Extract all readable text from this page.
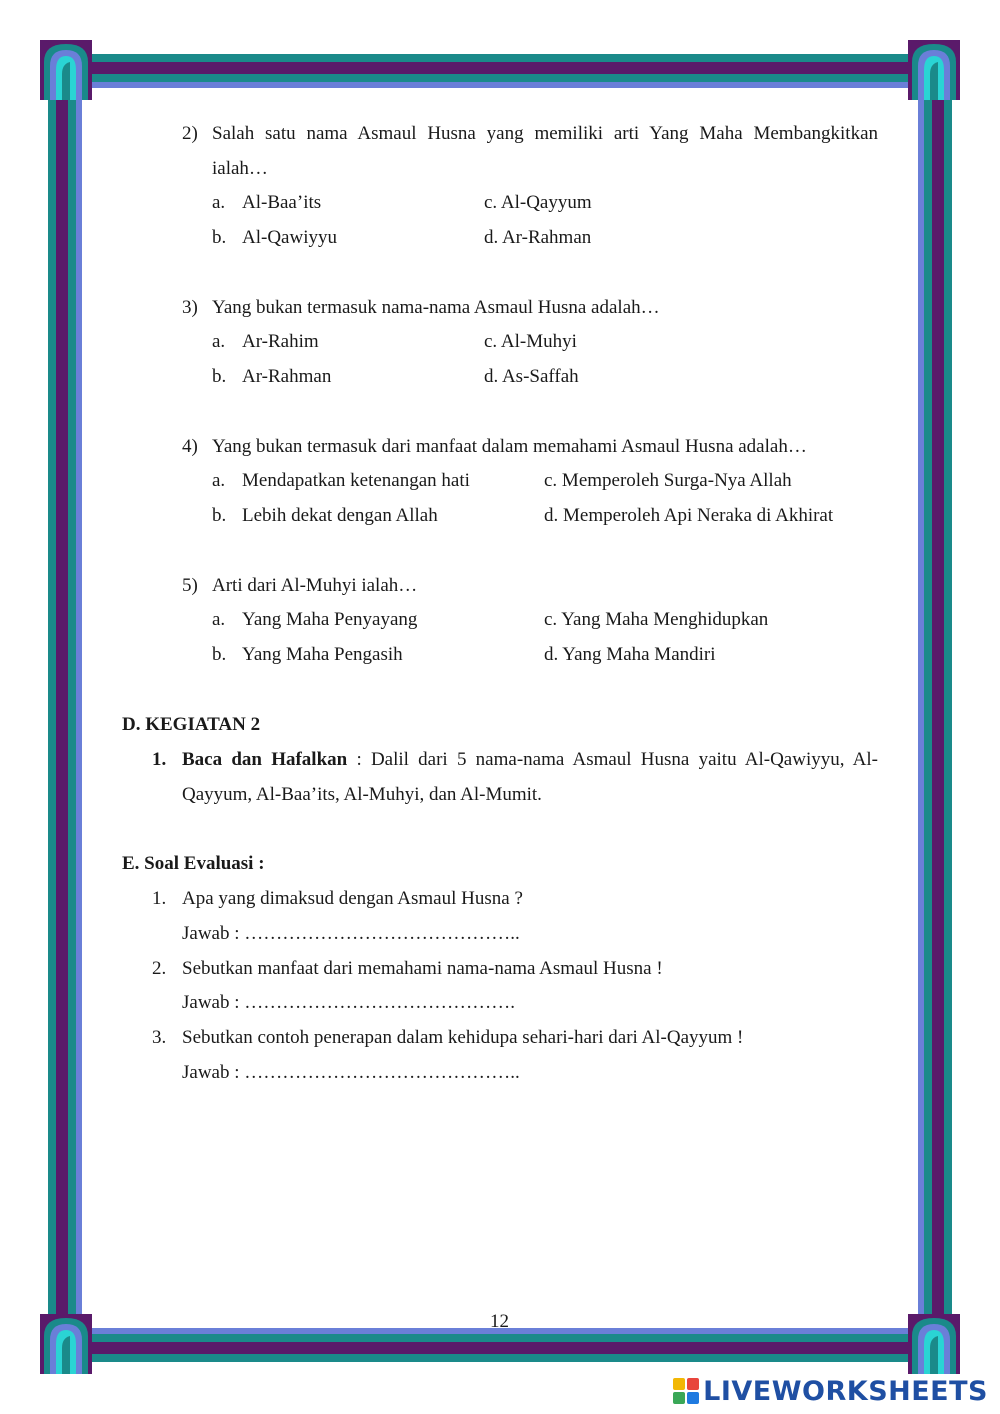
2) Salah satu nama Asmaul Husna yang memiliki arti Yang Maha Membangkitkan
ialah…
a. Al-Baa’its	c. Al-Qayyum
b. Al-Qawiyyu	d. Ar-Rahman
3) Yang bukan termasuk nama-nama Asmaul Husna adalah…
a. Ar-Rahim	c. Al-Muhyi
b. Ar-Rahman	d. As-Saffah
4) Yang bukan termasuk dari manfaat dalam memahami Asmaul Husna adalah…
a. Mendapatkan ketenangan hati	c. Memperoleh Surga-Nya Allah
b. Lebih dekat dengan Allah	d. Memperoleh Api Neraka di Akhirat
5) Arti dari Al-Muhyi ialah…
a. Yang Maha Penyayang	c. Yang Maha Menghidupkan
b. Yang Maha Pengasih	d. Yang Maha Mandiri
D. KEGIATAN 2
1. Baca dan Hafalkan : Dalil dari 5 nama-nama Asmaul Husna yaitu Al-Qawiyyu, Al-
Qayyum, Al-Baa’its, Al-Muhyi, dan Al-Mumit.
E. Soal Evaluasi :
1. Apa yang dimaksud dengan Asmaul Husna ?
Jawab : ……………………………………..
2. Sebutkan manfaat dari memahami nama-nama Asmaul Husna !
Jawab : …………………………………….
3. Sebutkan contoh penerapan dalam kehidupa sehari-hari dari Al-Qayyum !
Jawab : ……………………………………..
12
LIVEWORKSHEETS
